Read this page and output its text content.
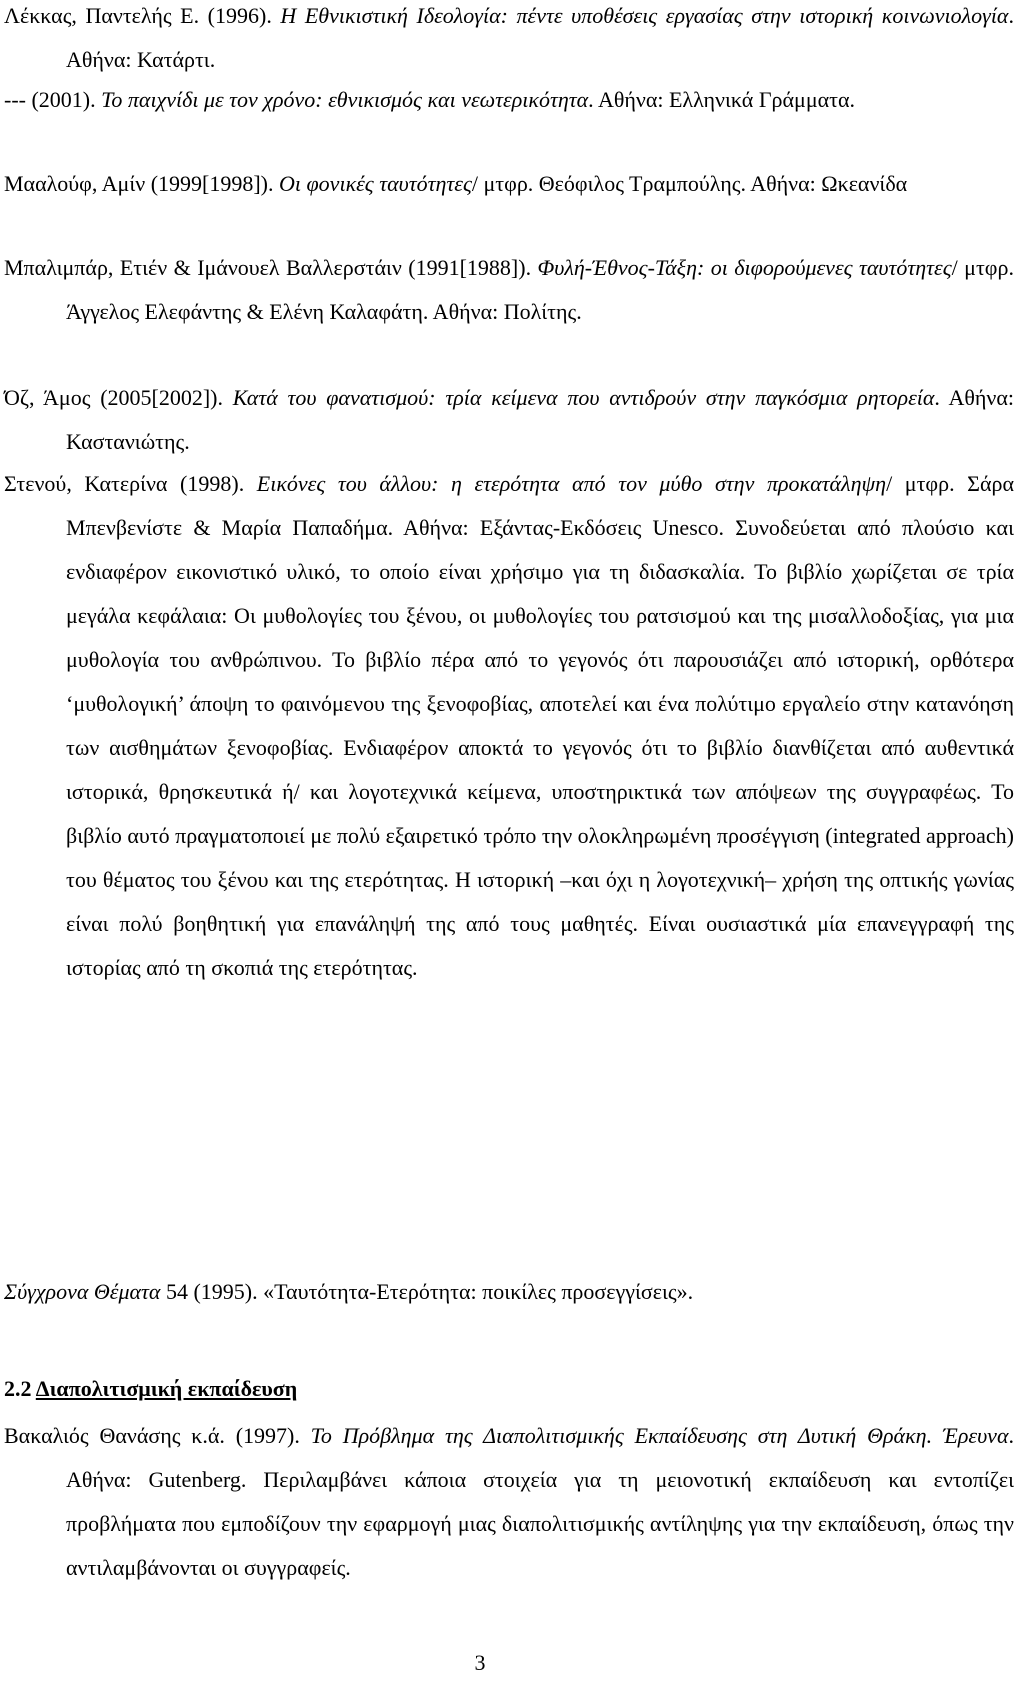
Λέκκας, Παντελής Ε. (1996). Η Εθνικιστική Ιδεολογία: πέντε υποθέσεις εργασίας στην ιστορική κοινωνιολογία. Αθήνα: Κατάρτι.

--- (2001). Το παιχνίδι με τον χρόνο: εθνικισμός και νεωτερικότητα. Αθήνα: Ελληνικά Γράμματα.

Μααλούφ, Αμίν (1999[1998]). Οι φονικές ταυτότητες/ μτφρ. Θεόφιλος Τραμπούλης. Αθήνα: Ωκεανίδα

Μπαλιμπάρ, Ετιέν & Ιμάνουελ Βαλλερστάιν (1991[1988]). Φυλή-Έθνος-Τάξη: οι διφορούμενες ταυτότητες/ μτφρ. Άγγελος Ελεφάντης & Ελένη Καλαφάτη. Αθήνα: Πολίτης.

Όζ, Άμος (2005[2002]). Κατά του φανατισμού: τρία κείμενα που αντιδρούν στην παγκόσμια ρητορεία. Αθήνα: Καστανιώτης.

Στενού, Κατερίνα (1998). Εικόνες του άλλου: η ετερότητα από τον μύθο στην προκατάληψη/ μτφρ. Σάρα Μπενβενίστε & Μαρία Παπαδήμα. Αθήνα: Εξάντας-Εκδόσεις Unesco. Συνοδεύεται από πλούσιο και ενδιαφέρον εικονιστικό υλικό, το οποίο είναι χρήσιμο για τη διδασκαλία. Το βιβλίο χωρίζεται σε τρία μεγάλα κεφάλαια: Οι μυθολογίες του ξένου, οι μυθολογίες του ρατσισμού και της μισαλλοδοξίας, για μια μυθολογία του ανθρώπινου. Το βιβλίο πέρα από το γεγονός ότι παρουσιάζει από ιστορική, ορθότερα ‘μυθολογική’ άποψη το φαινόμενου της ξενοφοβίας, αποτελεί και ένα πολύτιμο εργαλείο στην κατανόηση των αισθημάτων ξενοφοβίας. Ενδιαφέρον αποκτά το γεγονός ότι το βιβλίο διανθίζεται από αυθεντικά ιστορικά, θρησκευτικά ή/ και λογοτεχνικά κείμενα, υποστηρικτικά των απόψεων της συγγραφέως. Το βιβλίο αυτό πραγματοποιεί με πολύ εξαιρετικό τρόπο την ολοκληρωμένη προσέγγιση (integrated approach) του θέματος του ξένου και της ετερότητας. Η ιστορική –και όχι η λογοτεχνική– χρήση της οπτικής γωνίας είναι πολύ βοηθητική για επανάληψή της από τους μαθητές. Είναι ουσιαστικά μία επανεγγραφή της ιστορίας από τη σκοπιά της ετερότητας.

Σύγχρονα Θέματα 54 (1995). «Ταυτότητα-Ετερότητα: ποικίλες προσεγγίσεις».

2.2 Διαπολιτισμική εκπαίδευση

Βακαλιός Θανάσης κ.ά. (1997). Το Πρόβλημα της Διαπολιτισμικής Εκπαίδευσης στη Δυτική Θράκη. Έρευνα. Αθήνα: Gutenberg. Περιλαμβάνει κάποια στοιχεία για τη μειονοτική εκπαίδευση και εντοπίζει προβλήματα που εμποδίζουν την εφαρμογή μιας διαπολιτισμικής αντίληψης για την εκπαίδευση, όπως την αντιλαμβάνονται οι συγγραφείς.

3
